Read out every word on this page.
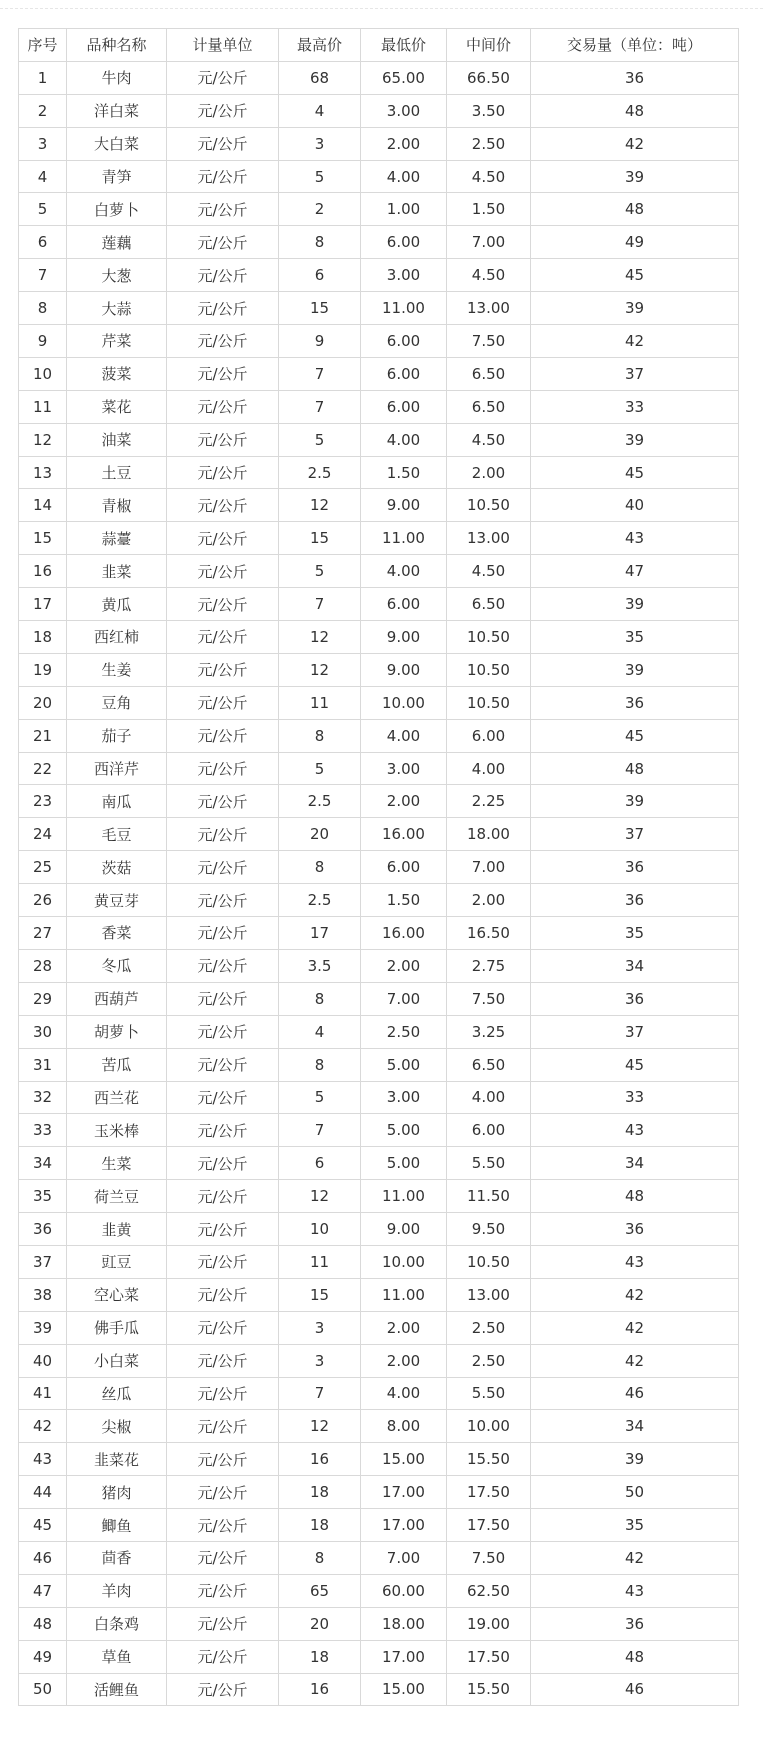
序号	品种名称	计量单位	最高价	最低价	中间价	交易量（单位：吨）
1	牛肉	元/公斤	68	65.00	66.50	36
2	洋白菜	元/公斤	4	3.00	3.50	48
3	大白菜	元/公斤	3	2.00	2.50	42
4	青笋	元/公斤	5	4.00	4.50	39
5	白萝卜	元/公斤	2	1.00	1.50	48
6	莲藕	元/公斤	8	6.00	7.00	49
7	大葱	元/公斤	6	3.00	4.50	45
8	大蒜	元/公斤	15	11.00	13.00	39
9	芹菜	元/公斤	9	6.00	7.50	42
10	菠菜	元/公斤	7	6.00	6.50	37
11	菜花	元/公斤	7	6.00	6.50	33
12	油菜	元/公斤	5	4.00	4.50	39
13	土豆	元/公斤	2.5	1.50	2.00	45
14	青椒	元/公斤	12	9.00	10.50	40
15	蒜薹	元/公斤	15	11.00	13.00	43
16	韭菜	元/公斤	5	4.00	4.50	47
17	黄瓜	元/公斤	7	6.00	6.50	39
18	西红柿	元/公斤	12	9.00	10.50	35
19	生姜	元/公斤	12	9.00	10.50	39
20	豆角	元/公斤	11	10.00	10.50	36
21	茄子	元/公斤	8	4.00	6.00	45
22	西洋芹	元/公斤	5	3.00	4.00	48
23	南瓜	元/公斤	2.5	2.00	2.25	39
24	毛豆	元/公斤	20	16.00	18.00	37
25	茨菇	元/公斤	8	6.00	7.00	36
26	黄豆芽	元/公斤	2.5	1.50	2.00	36
27	香菜	元/公斤	17	16.00	16.50	35
28	冬瓜	元/公斤	3.5	2.00	2.75	34
29	西葫芦	元/公斤	8	7.00	7.50	36
30	胡萝卜	元/公斤	4	2.50	3.25	37
31	苦瓜	元/公斤	8	5.00	6.50	45
32	西兰花	元/公斤	5	3.00	4.00	33
33	玉米棒	元/公斤	7	5.00	6.00	43
34	生菜	元/公斤	6	5.00	5.50	34
35	荷兰豆	元/公斤	12	11.00	11.50	48
36	韭黄	元/公斤	10	9.00	9.50	36
37	豇豆	元/公斤	11	10.00	10.50	43
38	空心菜	元/公斤	15	11.00	13.00	42
39	佛手瓜	元/公斤	3	2.00	2.50	42
40	小白菜	元/公斤	3	2.00	2.50	42
41	丝瓜	元/公斤	7	4.00	5.50	46
42	尖椒	元/公斤	12	8.00	10.00	34
43	韭菜花	元/公斤	16	15.00	15.50	39
44	猪肉	元/公斤	18	17.00	17.50	50
45	鲫鱼	元/公斤	18	17.00	17.50	35
46	茴香	元/公斤	8	7.00	7.50	42
47	羊肉	元/公斤	65	60.00	62.50	43
48	白条鸡	元/公斤	20	18.00	19.00	36
49	草鱼	元/公斤	18	17.00	17.50	48
50	活鲤鱼	元/公斤	16	15.00	15.50	46
